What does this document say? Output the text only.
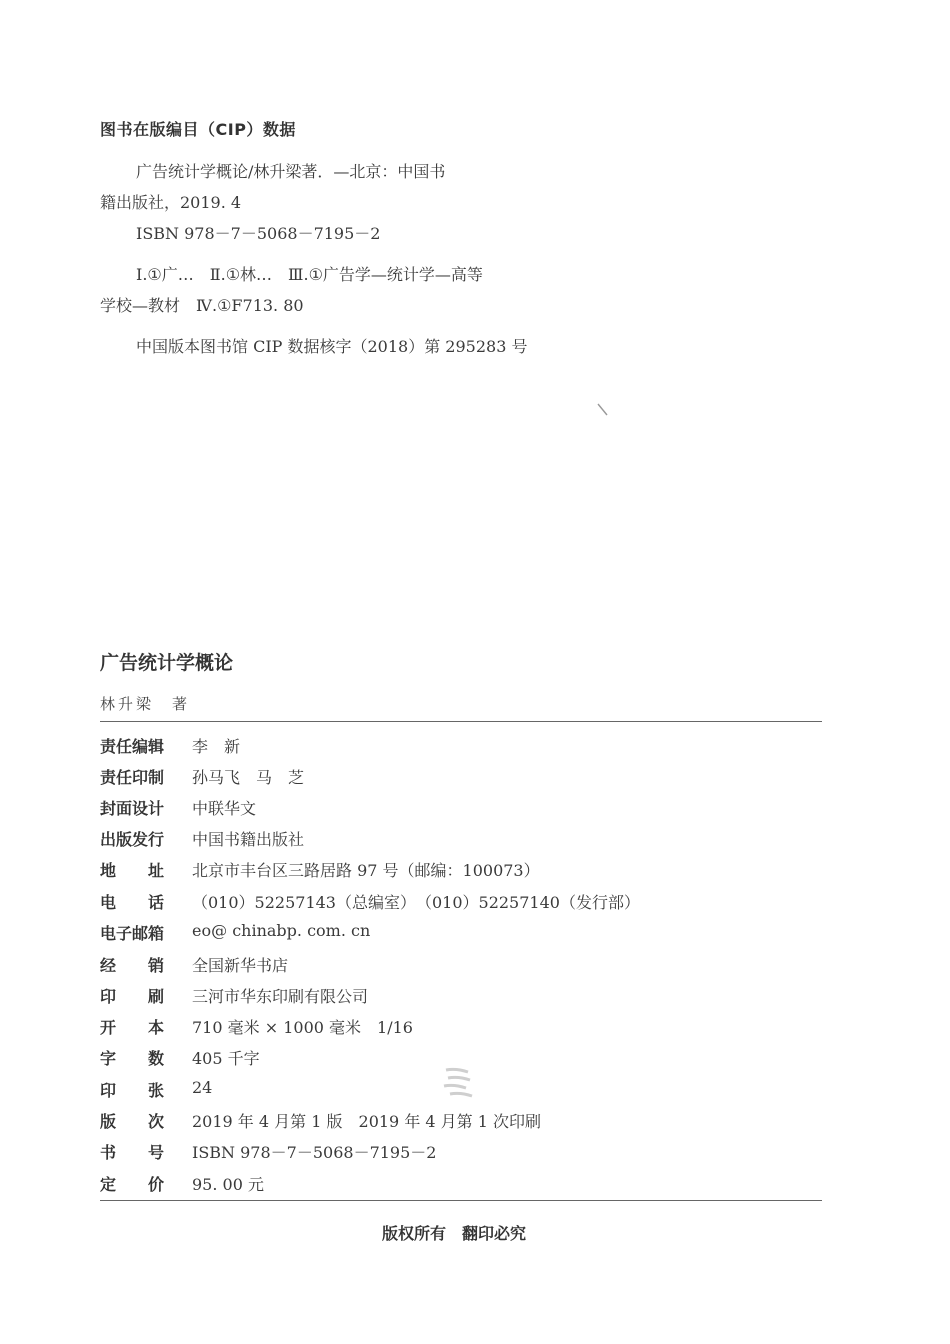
图书在版编目（CIP）数据
广告统计学概论/林升梁著．—北京：中国书
籍出版社，2019. 4
ISBN 978－7－5068－7195－2
Ⅰ.①广…　Ⅱ.①林…　Ⅲ.①广告学—统计学—高等
学校—教材　Ⅳ.①F713. 80
中国版本图书馆 CIP 数据核字（2018）第 295283 号
广告统计学概论
林升梁　著
责任编辑	李　新
责任印制	孙马飞　马　芝
封面设计	中联华文
出版发行	中国书籍出版社
地　　址	北京市丰台区三路居路 97 号（邮编：100073）
电　　话	（010）52257143（总编室）　（010）52257140（发行部）
电子邮箱	eo@ chinabp. com. cn
经　　销	全国新华书店
印　　刷	三河市华东印刷有限公司
开　　本	710 毫米 × 1000 毫米　1/16
字　　数	405 千字
印　　张	24
版　　次	2019 年 4 月第 1 版　2019 年 4 月第 1 次印刷
书　　号	ISBN 978－7－5068－7195－2
定　　价	95. 00 元
版权所有　翻印必究
